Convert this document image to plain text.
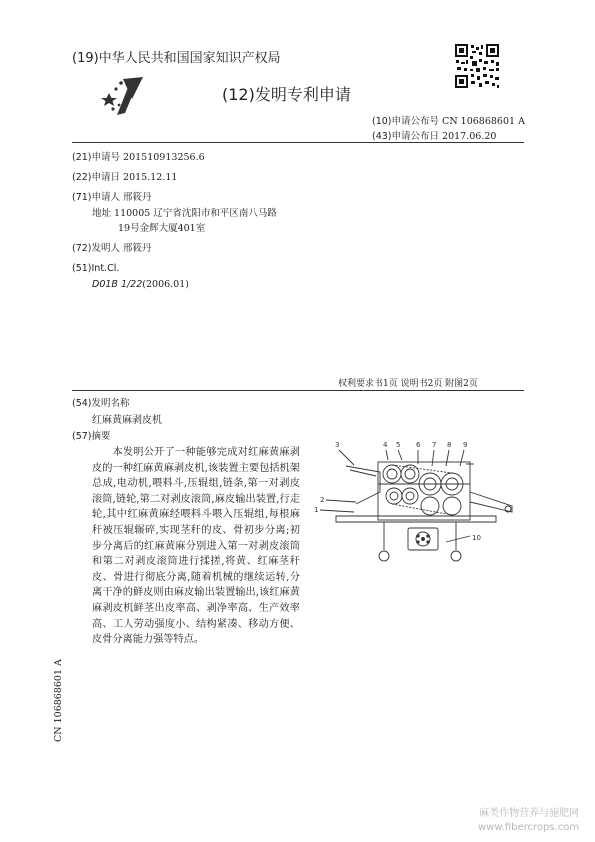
(19)中华人民共和国国家知识产权局
(12)发明专利申请
(10)申请公布号 CN 106868601 A
(43)申请公布日 2017.06.20
(21)申请号 201510913256.6
(22)申请日 2015.12.11
(71)申请人 邢筱丹
地址 110005 辽宁省沈阳市和平区南八马路
19号金辉大厦401室
(72)发明人 邢筱丹
(51)Int.Cl.
D01B 1/22(2006.01)
权利要求书1页 说明书2页 附图2页
(54)发明名称
红麻黄麻剥皮机
(57)摘要
本发明公开了一种能够完成对红麻黄麻剥皮的一种红麻黄麻剥皮机,该装置主要包括机架总成,电动机,喂料斗,压辊组,链条,第一对剥皮滚筒,链轮,第二对剥皮滚筒,麻皮输出装置,行走轮,其中红麻黄麻经喂料斗喂入压辊组,每根麻秆被压辊辗碎,实现茎秆的皮、骨初步分离;初步分离后的红麻黄麻分别进入第一对剥皮滚筒和第二对剥皮滚筒进行揉搓,将黄、红麻茎秆皮、骨进行彻底分离,随着机械的继续运转,分离干净的鲜皮则由麻皮输出装置输出,该红麻黄麻剥皮机鲜茎出皮率高、剥净率高、生产效率高、工人劳动强度小、结构紧凑、移动方便、皮骨分离能力强等特点。
3	4 5 6 7 8 9
2
1
10
CN 106868601 A
麻类作物营养与施肥网
www.fibercrops.com
